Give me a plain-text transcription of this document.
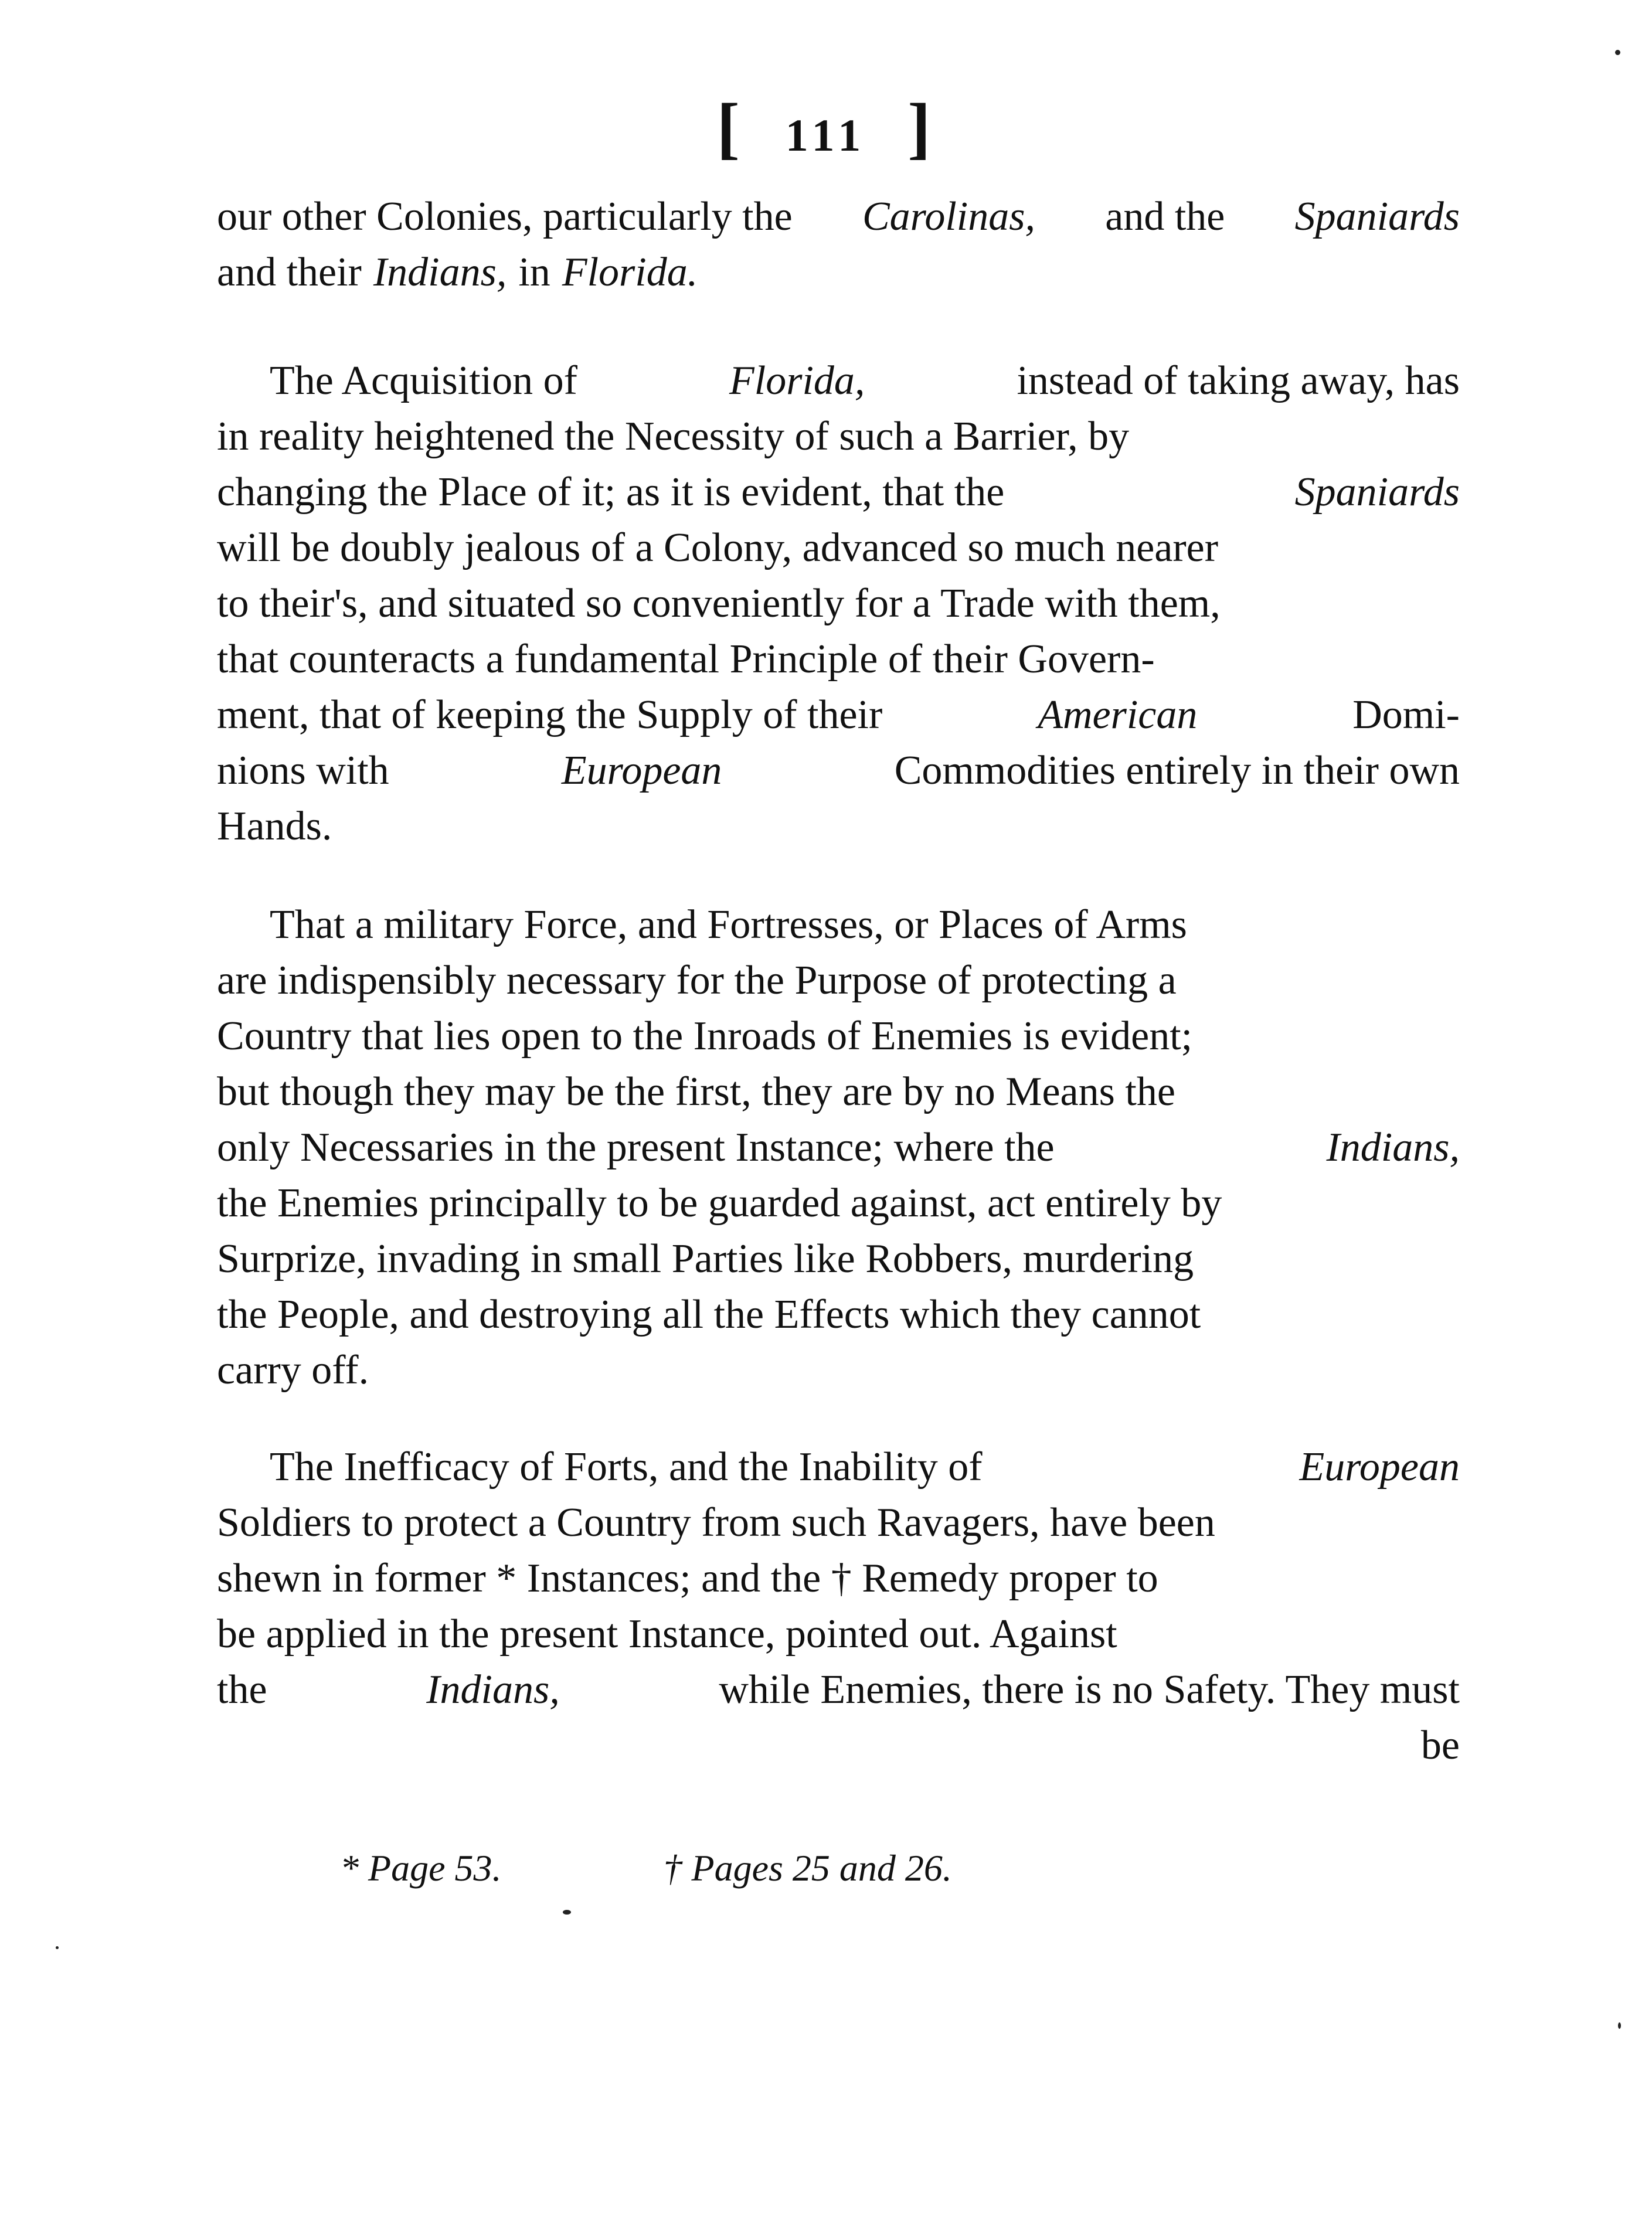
[ 111 ]
our other Colonies, particularly the Carolinas, and the Spaniards
and their Indians, in Florida.
The Acquisition of	Florida,	instead of taking away, has
in reality heightened the Necessity of such a Barrier, by
changing the Place of it; as it is evident, that the	Spaniards
will be doubly jealous of a Colony, advanced so much nearer
to their's, and situated so conveniently for a Trade with them,
that counteracts a fundamental Principle of their Govern-
ment, that of keeping the Supply of their	American	Domi-
nions with	European	Commodities entirely in their own
Hands.
That a military Force, and Fortresses, or Places of Arms
are indispensibly necessary for the Purpose of protecting a
Country that lies open to the Inroads of Enemies is evident;
but though they may be the first, they are by no Means the
only Necessaries in the present Instance; where the	Indians,
the Enemies principally to be guarded against, act entirely by
Surprize, invading in small Parties like Robbers, murdering
the People, and destroying all the Effects which they cannot
carry off.
The Inefficacy of Forts, and the Inability of	European
Soldiers to protect a Country from such Ravagers, have been
shewn in former * Instances; and the † Remedy proper to
be applied in the present Instance, pointed out. Against
the	Indians,	while Enemies, there is no Safety. They must
be
* Page 53.	† Pages 25 and 26.
